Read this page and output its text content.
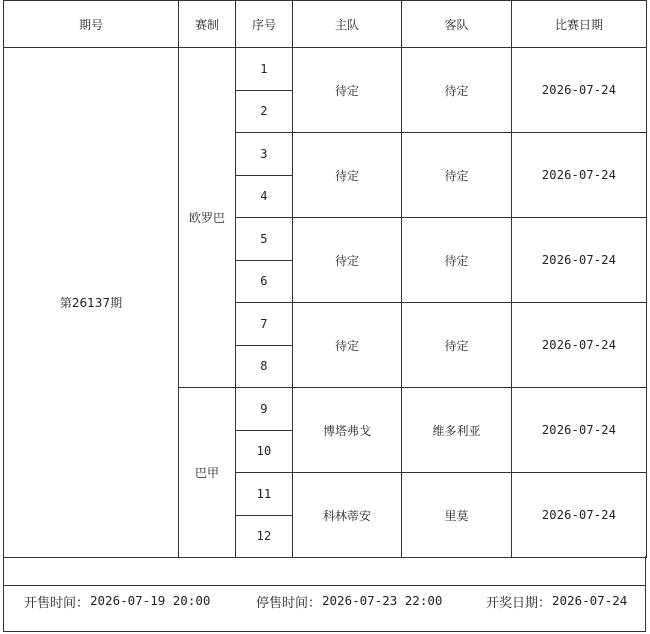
期号	赛制	序号	主队	客队	比赛日期
第26137期	欧罗巴	1	待定	待定	2026-07-24
		2			
		3	待定	待定	2026-07-24
		4			
		5	待定	待定	2026-07-24
		6			
		7	待定	待定	2026-07-24
		8			
	巴甲	9	博塔弗戈	维多利亚	2026-07-24
		10			
		11	科林蒂安	里莫	2026-07-24
		12			
开售时间： 2026-07-19 20:00	停售时间： 2026-07-23 22:00	开奖日期： 2026-07-24
